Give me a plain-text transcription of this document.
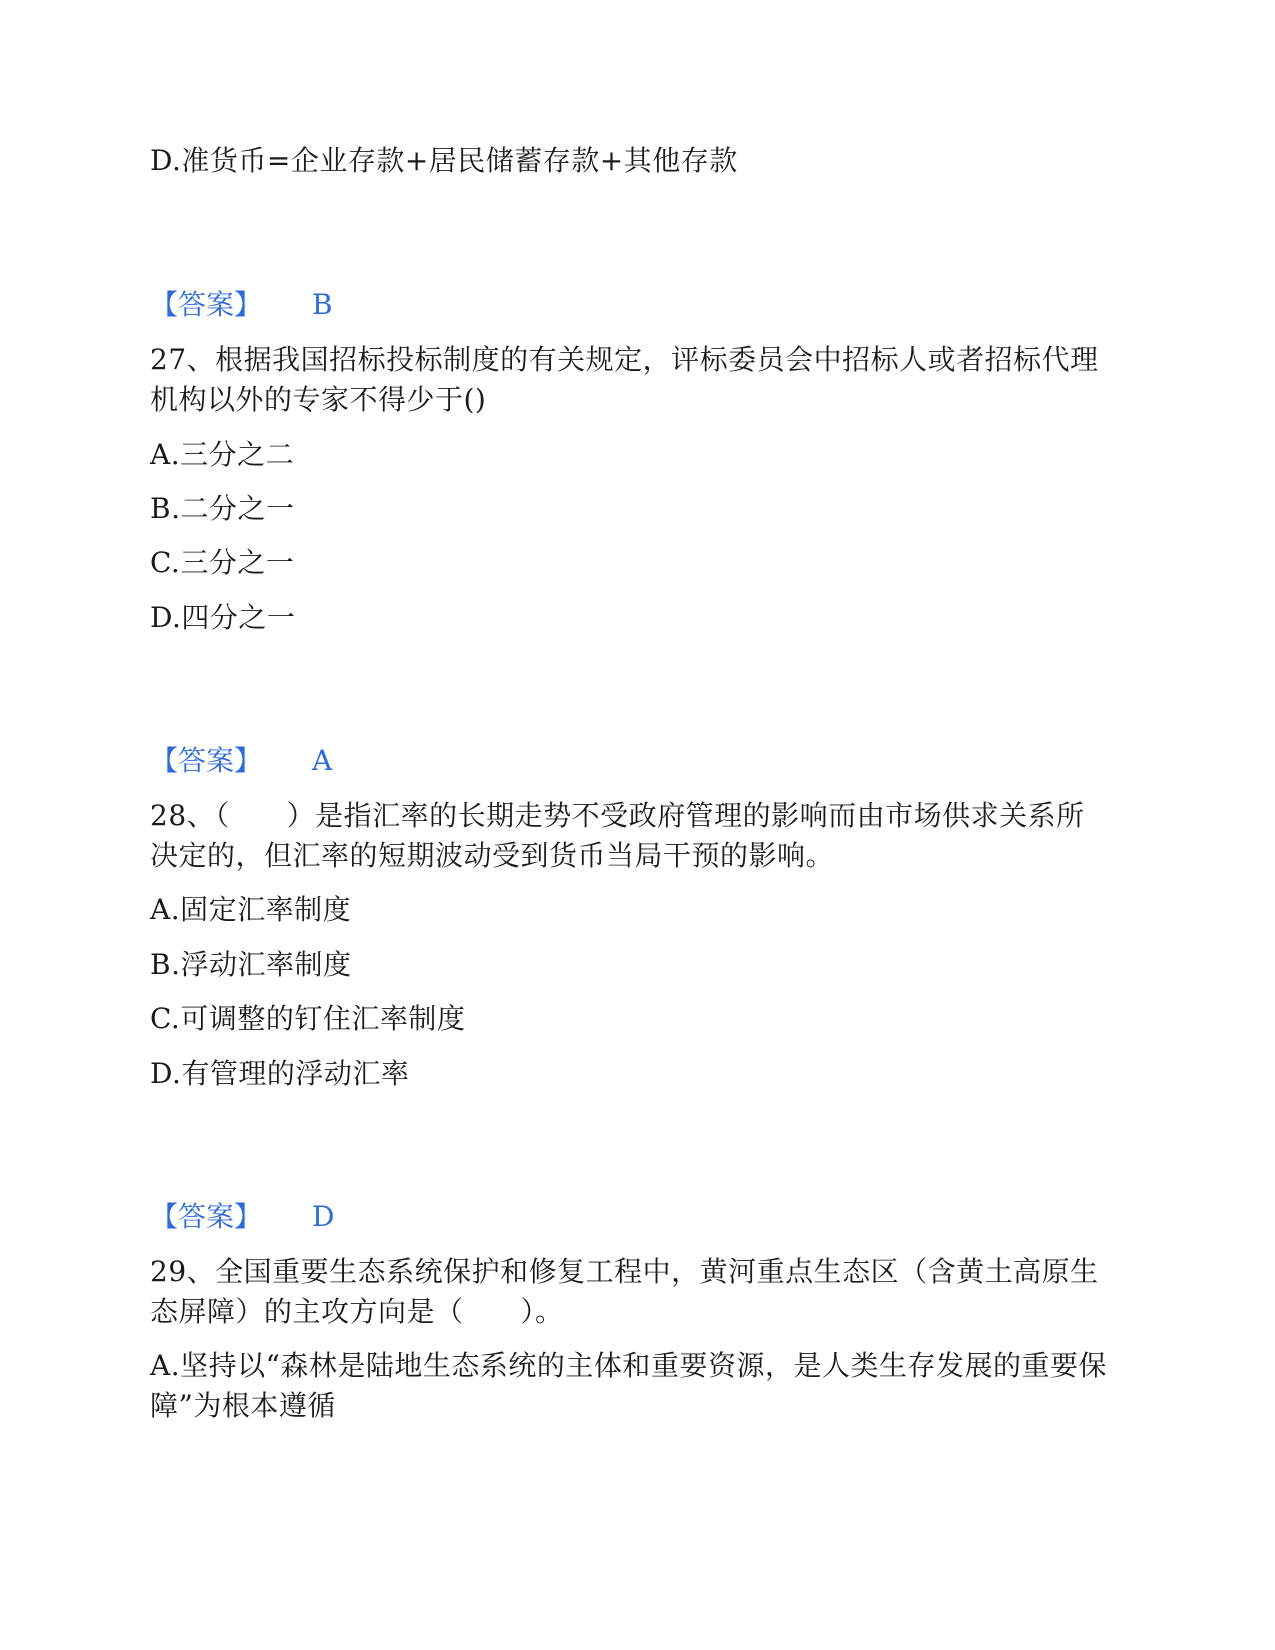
D.准货币=企业存款+居民储蓄存款+其他存款
【答案】 B
27、根据我国招标投标制度的有关规定，评标委员会中招标人或者招标代理
机构以外的专家不得少于()
A.三分之二
B.二分之一
C.三分之一
D.四分之一
【答案】 A
28、（　　）是指汇率的长期走势不受政府管理的影响而由市场供求关系所
决定的，但汇率的短期波动受到货币当局干预的影响。
A.固定汇率制度
B.浮动汇率制度
C.可调整的钉住汇率制度
D.有管理的浮动汇率
【答案】 D
29、全国重要生态系统保护和修复工程中，黄河重点生态区（含黄土高原生
态屏障）的主攻方向是（　　）。
A.坚持以“森林是陆地生态系统的主体和重要资源，是人类生存发展的重要保
障”为根本遵循
